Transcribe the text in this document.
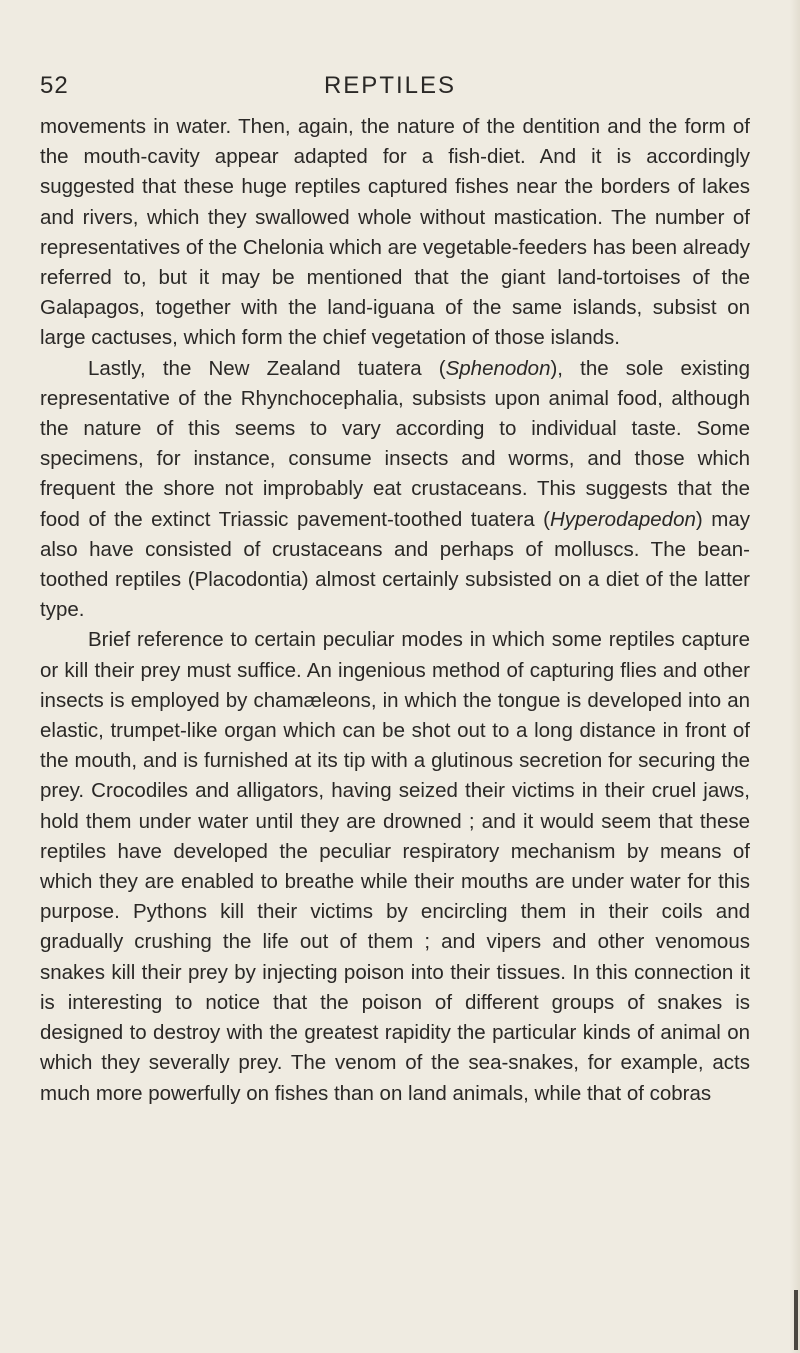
52	REPTILES

movements in water. Then, again, the nature of the dentition and the form of the mouth-cavity appear adapted for a fish-diet. And it is accordingly suggested that these huge reptiles captured fishes near the borders of lakes and rivers, which they swallowed whole without mastication. The number of representatives of the Chelonia which are vegetable-feeders has been already referred to, but it may be mentioned that the giant land-tortoises of the Galapagos, together with the land-iguana of the same islands, subsist on large cactuses, which form the chief vegetation of those islands.

Lastly, the New Zealand tuatera (Sphenodon), the sole existing representative of the Rhynchocephalia, subsists upon animal food, although the nature of this seems to vary according to individual taste. Some specimens, for instance, consume insects and worms, and those which frequent the shore not improbably eat crustaceans. This suggests that the food of the extinct Triassic pavement-toothed tuatera (Hyperodapedon) may also have consisted of crustaceans and perhaps of molluscs. The bean-toothed reptiles (Placodontia) almost certainly subsisted on a diet of the latter type.

Brief reference to certain peculiar modes in which some reptiles capture or kill their prey must suffice. An ingenious method of capturing flies and other insects is employed by chamæleons, in which the tongue is developed into an elastic, trumpet-like organ which can be shot out to a long distance in front of the mouth, and is furnished at its tip with a glutinous secretion for securing the prey. Crocodiles and alligators, having seized their victims in their cruel jaws, hold them under water until they are drowned ; and it would seem that these reptiles have developed the peculiar respiratory mechanism by means of which they are enabled to breathe while their mouths are under water for this purpose. Pythons kill their victims by encircling them in their coils and gradually crushing the life out of them ; and vipers and other venomous snakes kill their prey by injecting poison into their tissues. In this connection it is interesting to notice that the poison of different groups of snakes is designed to destroy with the greatest rapidity the particular kinds of animal on which they severally prey. The venom of the sea-snakes, for example, acts much more powerfully on fishes than on land animals, while that of cobras
